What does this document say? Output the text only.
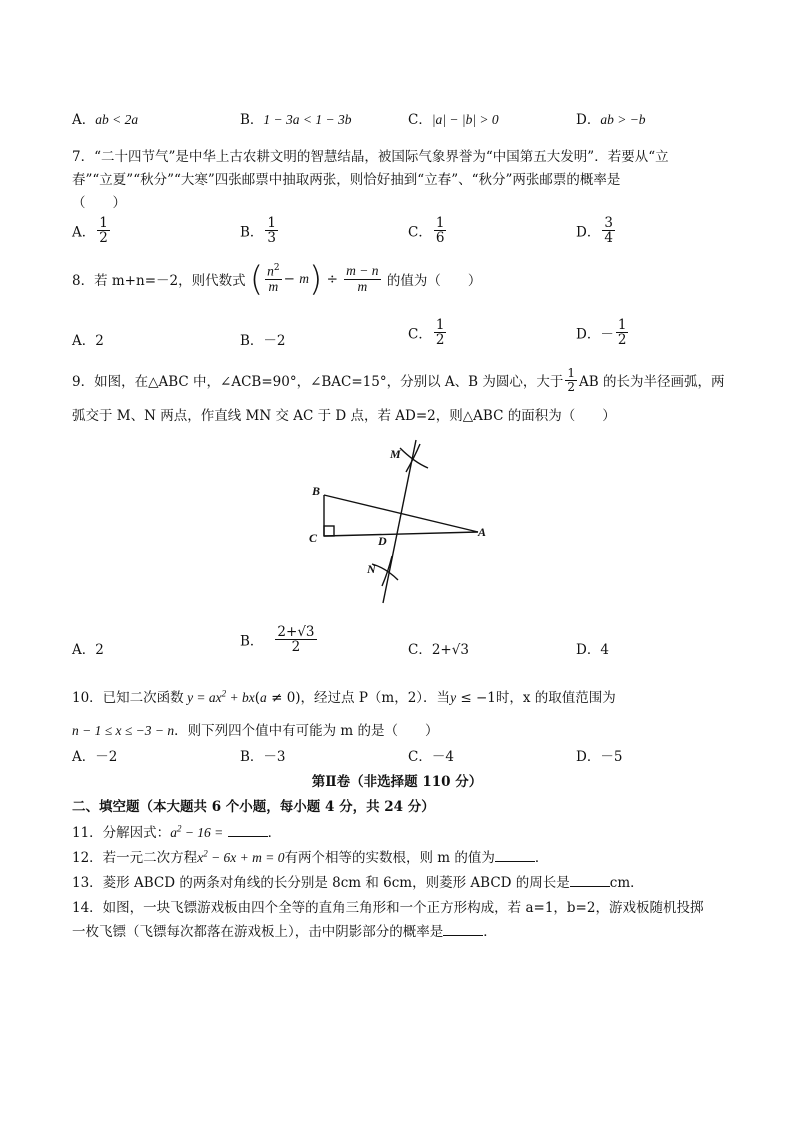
A．ab < 2a	B．1 − 3a < 1 − 3b	C．|a| − |b| > 0	D．ab > −b
7．“二十四节气”是中华上古农耕文明的智慧结晶，被国际气象界誉为“中国第五大发明”．若要从“立
春”“立夏”“秋分”“大寒”四张邮票中抽取两张，则恰好抽到“立春”、“秋分”两张邮票的概率是
（　　）
A． $\frac{1}{2}$	B． $\frac{1}{3}$	C． $\frac{1}{6}$	D． $\frac{3}{4}$
8．若 m+n=－2，则代数式 ( $\frac{n^2}{m} - m) \div \frac{m - n}{m}$ 的值为（　　）
A．2	B．－2	C． $\frac{1}{2}$	D．－ $\frac{1}{2}$
9．如图，在△ABC 中，∠ACB=90°，∠BAC=15°，分别以 A、B 为圆心，大于 $\frac{1}{2}$ AB 的长为半径画弧，两
弧交于 M、N 两点，作直线 MN 交 AC 于 D 点，若 AD=2，则△ABC 的面积为（　　）
M
B
C	D
A
N
A．2
B． $\frac{2+√3}{2}$	C．2+√3	D．4
10．已知二次函数 $y = ax^2 + bx(a \ne 0)$，经过点 P（m，2）．当y ≤ −1时，x 的取值范围为
n − 1 ≤ x ≤ −3 − n．则下列四个值中有可能为 m 的是（　　）
A．－2	B．－3	C．－4	D．－5
第Ⅱ卷（非选择题 110 分）
二、填空题（本大题共 6 个小题，每小题 4 分，共 24 分）
11．分解因式：$a^2 - 16$ =	．
12．若一元二次方程$x^2 - 6x + m = 0$有两个相等的实数根，则 m 的值为	．
13．菱形 ABCD 的两条对角线的长分别是 8cm 和 6cm，则菱形 ABCD 的周长是	cm．
14．如图，一块飞镖游戏板由四个全等的直角三角形和一个正方形构成，若 a=1，b=2，游戏板随机投掷
一枚飞镖（飞镖每次都落在游戏板上），击中阴影部分的概率是	．
